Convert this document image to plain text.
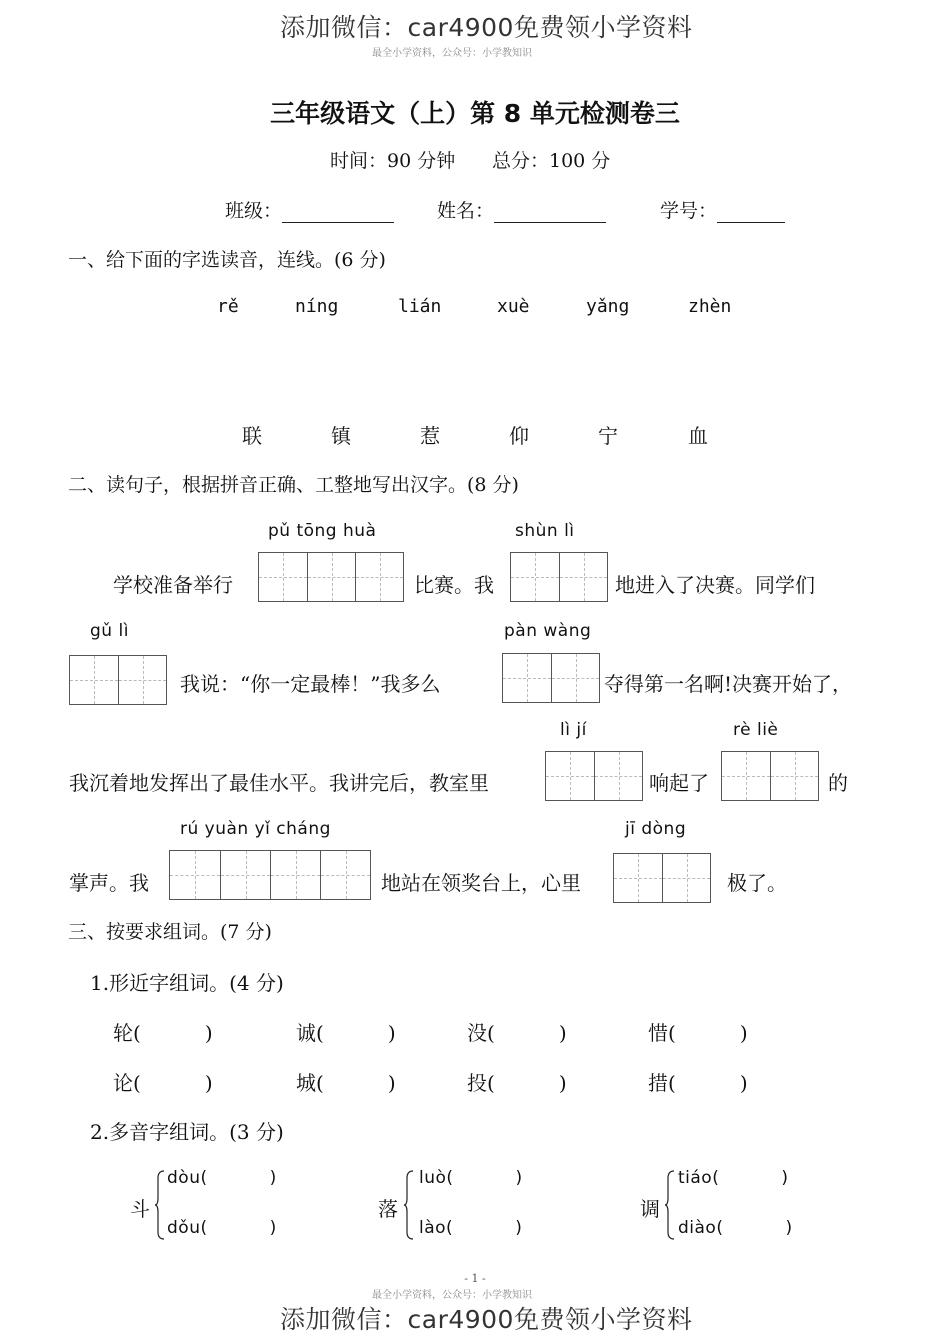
添加微信：car4900免费领小学资料
最全小学资料，公众号：小学教知识
三年级语文（上）第 8 单元检测卷三
时间：90 分钟 总分：100 分
班级：	姓名：	学号：
一、给下面的字选读音，连线。(6 分)
rě	níng	lián	xuè	yǎng	zhèn
联	镇	惹	仰	宁	血
二、读句子，根据拼音正确、工整地写出汉字。(8 分)
pǔ tōng huà	shùn lì
学校准备举行	比赛。我	地进入了决赛。同学们
gǔ lì	pàn wàng
我说：“你一定最棒！”我多么	夺得第一名啊!决赛开始了，
lì jí	rè liè
我沉着地发挥出了最佳水平。我讲完后，教室里	响起了	的
rú yuàn yǐ cháng	jī dòng
掌声。我	地站在领奖台上，心里	极了。
三、按要求组词。(7 分)
1.形近字组词。(4 分)
轮(	)	诚(	)	没(	)	惜(	)
论(	)	城(	)	投(	)	措(	)
2.多音字组词。(3 分)
斗
dòu(	)
dǒu(	)
落
luò(	)
lào(	)
调
tiáo(	)
diào(	)
- 1 -
最全小学资料，公众号：小学教知识
添加微信：car4900免费领小学资料
